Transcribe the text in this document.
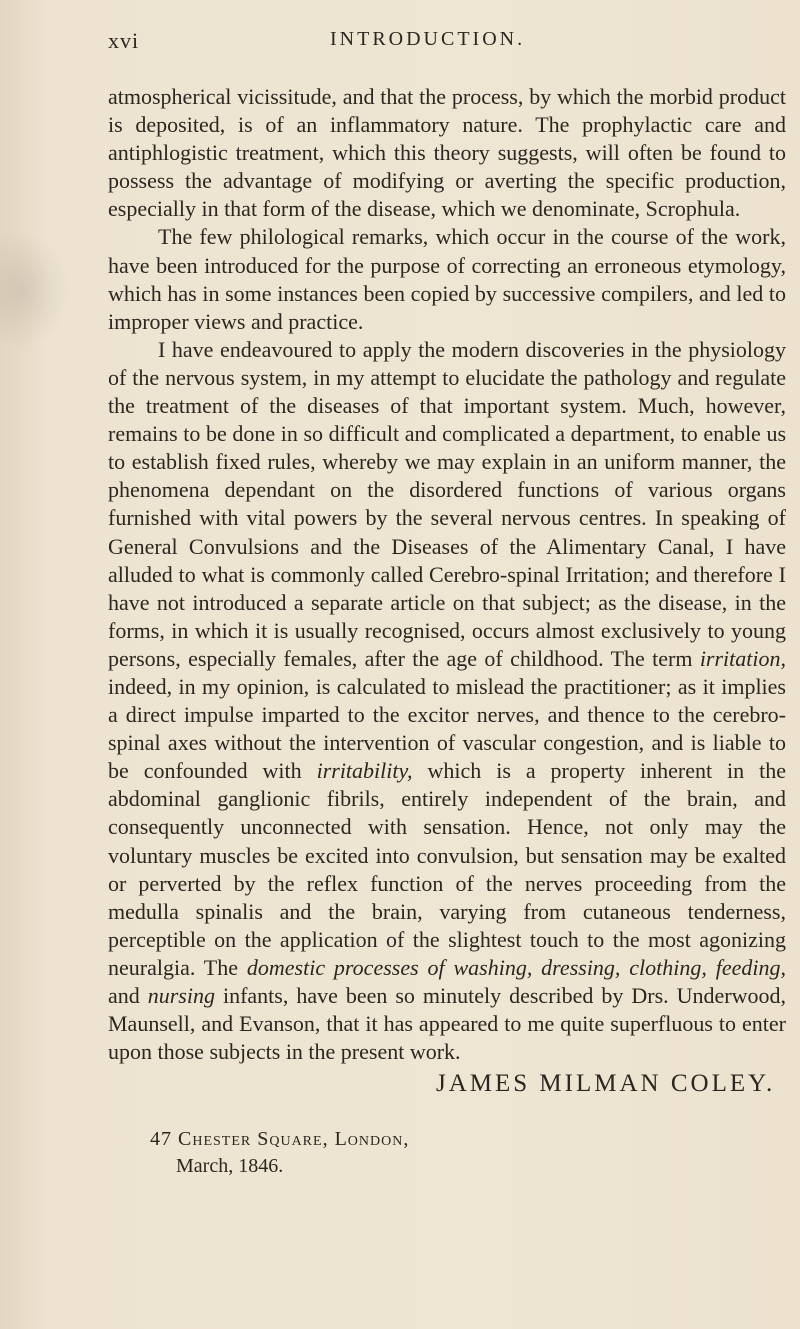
xvi	INTRODUCTION.

atmospherical vicissitude, and that the process, by which the morbid product is deposited, is of an inflammatory nature. The prophylactic care and antiphlogistic treatment, which this theory suggests, will often be found to possess the advantage of modifying or averting the specific production, especially in that form of the disease, which we denominate, Scrophula.

The few philological remarks, which occur in the course of the work, have been introduced for the purpose of correcting an erroneous etymology, which has in some instances been copied by successive compilers, and led to improper views and practice.

I have endeavoured to apply the modern discoveries in the physiology of the nervous system, in my attempt to elucidate the pathology and regulate the treatment of the diseases of that important system. Much, however, remains to be done in so difficult and complicated a department, to enable us to establish fixed rules, whereby we may explain in an uniform manner, the phenomena dependant on the disordered functions of various organs furnished with vital powers by the several nervous centres. In speaking of General Convulsions and the Diseases of the Alimentary Canal, I have alluded to what is commonly called Cerebro-spinal Irritation; and therefore I have not introduced a separate article on that subject; as the disease, in the forms, in which it is usually recognised, occurs almost exclusively to young persons, especially females, after the age of childhood. The term irritation, indeed, in my opinion, is calculated to mislead the practitioner; as it implies a direct impulse imparted to the excitor nerves, and thence to the cerebro-spinal axes without the intervention of vascular congestion, and is liable to be confounded with irritability, which is a property inherent in the abdominal ganglionic fibrils, entirely independent of the brain, and consequently unconnected with sensation. Hence, not only may the voluntary muscles be excited into convulsion, but sensation may be exalted or perverted by the reflex function of the nerves proceeding from the medulla spinalis and the brain, varying from cutaneous tenderness, perceptible on the application of the slightest touch to the most agonizing neuralgia. The domestic processes of washing, dressing, clothing, feeding, and nursing infants, have been so minutely described by Drs. Underwood, Maunsell, and Evanson, that it has appeared to me quite superfluous to enter upon those subjects in the present work.

JAMES MILMAN COLEY.
47 Chester Square, London,
March, 1846.
